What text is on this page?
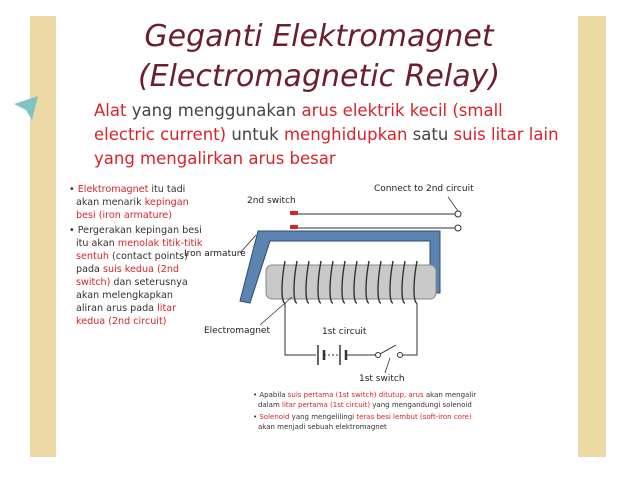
Geganti Elektromagnet
(Electromagnetic Relay)
Alat yang menggunakan arus elektrik kecil (small electric current) untuk menghidupkan satu suis litar lain yang mengalirkan arus besar

• Elektromagnet itu tadi akan menarik kepingan besi (iron armature)

• Pergerakan kepingan besi itu akan menolak titik-titik sentuh (contact points) pada suis kedua (2nd switch) dan seterusnya akan melengkapkan aliran arus pada litar kedua (2nd circuit)

2nd switch
Connect to 2nd circuit
Iron armature
Electromagnet	1st circuit
1st switch

• Apabila suis pertama (1st switch) ditutup, arus akan mengalir dalam litar pertama (1st circuit) yang mengandungi solenoid

• Solenoid yang mengelilingi teras besi lembut (soft-iron core) akan menjadi sebuah elektromagnet
